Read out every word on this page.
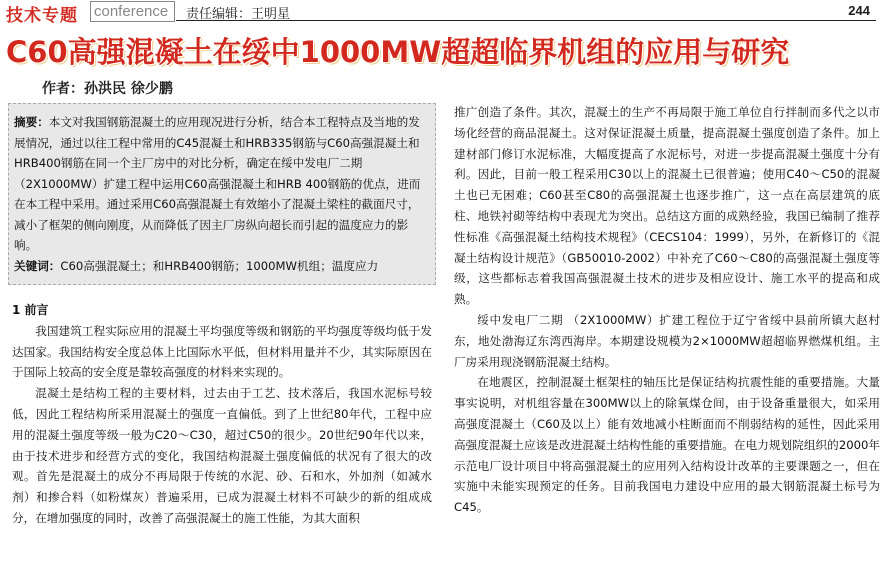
技术专题 conference	责任编辑：王明星	244
C60高强混凝土在绥中1000MW超超临界机组的应用与研究
作者：孙洪民 徐少鹏
摘要：本文对我国钢筋混凝土的应用现况进行分析，结合本工程特点及当地的发展情况，通过以往工程中常用的C45混凝土和HRB335钢筋与C60高强混凝土和HRB400钢筋在同一个主厂房中的对比分析，确定在绥中发电厂二期 （2X1000MW）扩建工程中运用C60高强混凝土和HRB 400钢筋的优点，进而在本工程中采用。通过采用C60高强混凝土有效缩小了混凝土梁柱的截面尺寸，减小了框架的侧向刚度，从而降低了因主厂房纵向超长而引起的温度应力的影响。
关键词：C60高强混凝土；和HRB400钢筋；1000MW机组；温度应力

1 前言

我国建筑工程实际应用的混凝土平均强度等级和钢筋的平均强度等级均低于发达国家。我国结构安全度总体上比国际水平低，但材料用量并不少，其实际原因在于国际上较高的安全度是靠较高强度的材料来实现的。

混凝土是结构工程的主要材料，过去由于工艺、技术落后，我国水泥标号较低，因此工程结构所采用混凝土的强度一直偏低。到了上世纪80年代，工程中应用的混凝土强度等级一般为C20～C30，超过C50的很少。20世纪90年代以来，由于技术进步和经营方式的变化，我国结构混凝土强度偏低的状况有了很大的改观。首先是混凝土的成分不再局限于传统的水泥、砂、石和水，外加剂（如减水剂）和掺合料（如粉煤灰）普遍采用，已成为混凝土材料不可缺少的新的组成成分，在增加强度的同时，改善了高强混凝土的施工性能，为其大面积

推广创造了条件。其次，混凝土的生产不再局限于施工单位自行拌制而多代之以市场化经营的商品混凝土。这对保证混凝土质量，提高混凝土强度创造了条件。加上建材部门修订水泥标准，大幅度提高了水泥标号，对进一步提高混凝土强度十分有利。因此，目前一般工程采用C30以上的混凝土已很普遍；使用C40～C50的混凝土也已无困难；C60甚至C80的高强混凝土也逐步推广，这一点在高层建筑的底柱、地铁衬砌等结构中表现尤为突出。总结这方面的成熟经验，我国已编制了推荐性标准《高强混凝土结构技术规程》（CECS104：1999），另外，在新修订的《混凝土结构设计规范》（GB50010-2002）中补充了C60～C80的高强混凝土强度等级，这些都标志着我国高强混凝土技术的进步及相应设计、施工水平的提高和成熟。

绥中发电厂二期 （2X1000MW）扩建工程位于辽宁省绥中县前所镇大赵村东，地处渤海辽东湾西海岸。本期建设规模为2×1000MW超超临界燃煤机组。主厂房采用现浇钢筋混凝土结构。

在地震区，控制混凝土框架柱的轴压比是保证结构抗震性能的重要措施。大量事实说明，对机组容量在300MW以上的除氧煤仓间，由于设备重量很大，如采用高强度混凝土（C60及以上）能有效地减小柱断面而不削弱结构的延性，因此采用高强度混凝土应该是改进混凝土结构性能的重要措施。在电力规划院组织的2000年示范电厂设计项目中将高强混凝土的应用列入结构设计改革的主要课题之一，但在实施中未能实现预定的任务。目前我国电力建设中应用的最大钢筋混凝土标号为C45。
